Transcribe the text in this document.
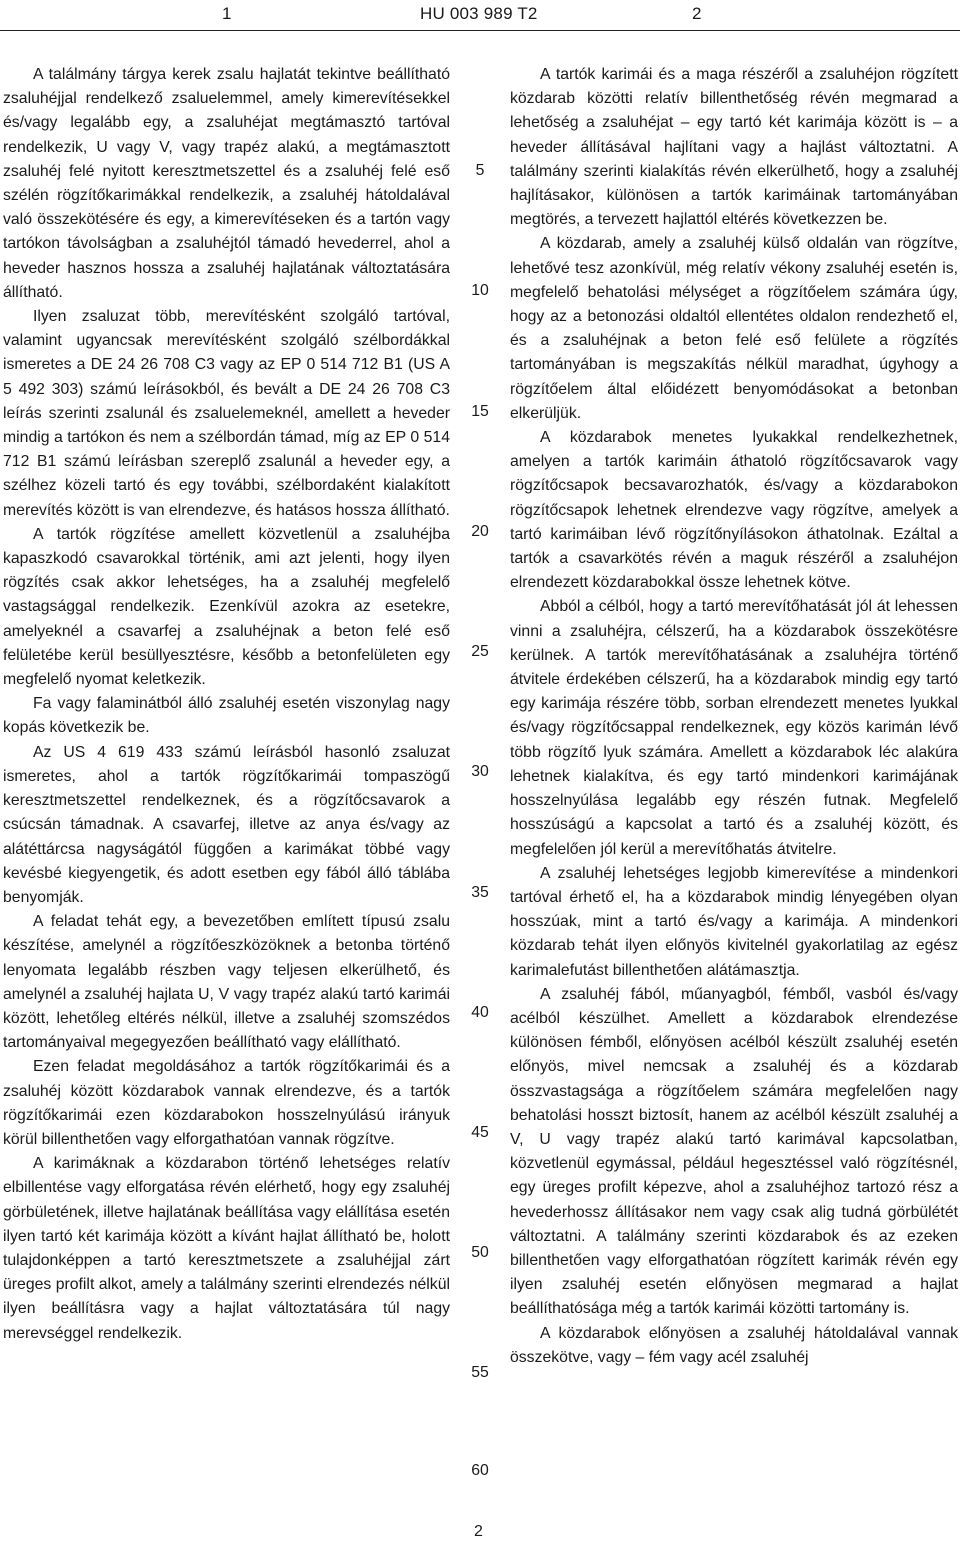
1	HU 003 989 T2	2

A találmány tárgya kerek zsalu hajlatát tekintve beállítható zsaluhéjjal rendelkező zsaluelemmel, amely kimerevítésekkel és/vagy legalább egy, a zsaluhéjat megtámasztó tartóval rendelkezik, U vagy V, vagy trapéz alakú, a megtámasztott zsaluhéj felé nyitott keresztmetszettel és a zsaluhéj felé eső szélén rögzítőkarimákkal rendelkezik, a zsaluhéj hátoldalával való összekötésére és egy, a kimerevítéseken és a tartón vagy tartókon távolságban a zsaluhéjtól támadó hevederrel, ahol a heveder hasznos hossza a zsaluhéj hajlatának változtatására állítható.

Ilyen zsaluzat több, merevítésként szolgáló tartóval, valamint ugyancsak merevítésként szolgáló szélbordákkal ismeretes a DE 24 26 708 C3 vagy az EP 0 514 712 B1 (US A 5 492 303) számú leírásokból, és bevált a DE 24 26 708 C3 leírás szerinti zsalunál és zsaluelemeknél, amellett a heveder mindig a tartókon és nem a szélbordán támad, míg az EP 0 514 712 B1 számú leírásban szereplő zsalunál a heveder egy, a szélhez közeli tartó és egy további, szélbordaként kialakított merevítés között is van elrendezve, és hatásos hossza állítható.

A tartók rögzítése amellett közvetlenül a zsaluhéjba kapaszkodó csavarokkal történik, ami azt jelenti, hogy ilyen rögzítés csak akkor lehetséges, ha a zsaluhéj megfelelő vastagsággal rendelkezik. Ezenkívül azokra az esetekre, amelyeknél a csavarfej a zsaluhéjnak a beton felé eső felületébe kerül besüllyesztésre, később a betonfelületen egy megfelelő nyomat keletkezik.

Fa vagy falaminátból álló zsaluhéj esetén viszonylag nagy kopás következik be.

Az US 4 619 433 számú leírásból hasonló zsaluzat ismeretes, ahol a tartók rögzítőkarimái tompaszögű keresztmetszettel rendelkeznek, és a rögzítőcsavarok a csúcsán támadnak. A csavarfej, illetve az anya és/vagy az alátéttárcsa nagyságától függően a karimákat többé vagy kevésbé kiegyengetik, és adott esetben egy fából álló táblába benyomják.

A feladat tehát egy, a bevezetőben említett típusú zsalu készítése, amelynél a rögzítőeszközöknek a betonba történő lenyomata legalább részben vagy teljesen elkerülhető, és amelynél a zsaluhéj hajlata U, V vagy trapéz alakú tartó karimái között, lehetőleg eltérés nélkül, illetve a zsaluhéj szomszédos tartományaival megegyezően beállítható vagy elállítható.

Ezen feladat megoldásához a tartók rögzítőkarimái és a zsaluhéj között közdarabok vannak elrendezve, és a tartók rögzítőkarimái ezen közdarabokon hosszelnyúlású irányuk körül billenthetően vagy elforgathatóan vannak rögzítve.

A karimáknak a közdarabon történő lehetséges relatív elbillentése vagy elforgatása révén elérhető, hogy egy zsaluhéj görbületének, illetve hajlatának beállítása vagy elállítása esetén ilyen tartó két karimája között a kívánt hajlat állítható be, holott tulajdonképpen a tartó keresztmetszete a zsaluhéjjal zárt üreges profilt alkot, amely a találmány szerinti elrendezés nélkül ilyen beállításra vagy a hajlat változtatására túl nagy merevséggel rendelkezik.

A tartók karimái és a maga részéről a zsaluhéjon rögzített közdarab közötti relatív billenthetőség révén megmarad a lehetőség a zsaluhéjat – egy tartó két karimája között is – a heveder állításával hajlítani vagy a hajlást változtatni. A találmány szerinti kialakítás révén elkerülhető, hogy a zsaluhéj hajlításakor, különösen a tartók karimáinak tartományában megtörés, a tervezett hajlattól eltérés következzen be.

A közdarab, amely a zsaluhéj külső oldalán van rögzítve, lehetővé tesz azonkívül, még relatív vékony zsaluhéj esetén is, megfelelő behatolási mélységet a rögzítőelem számára úgy, hogy az a betonozási oldaltól ellentétes oldalon rendezhető el, és a zsaluhéjnak a beton felé eső felülete a rögzítés tartományában is megszakítás nélkül maradhat, úgyhogy a rögzítőelem által előidézett benyomódásokat a betonban elkerüljük.

A közdarabok menetes lyukakkal rendelkezhetnek, amelyen a tartók karimáin áthatoló rögzítőcsavarok vagy rögzítőcsapok becsavarozhatók, és/vagy a közdarabokon rögzítőcsapok lehetnek elrendezve vagy rögzítve, amelyek a tartó karimáiban lévő rögzítőnyílásokon áthatolnak. Ezáltal a tartók a csavarkötés révén a maguk részéről a zsaluhéjon elrendezett közdarabokkal össze lehetnek kötve.

Abból a célból, hogy a tartó merevítőhatását jól át lehessen vinni a zsaluhéjra, célszerű, ha a közdarabok összekötésre kerülnek. A tartók merevítőhatásának a zsaluhéjra történő átvitele érdekében célszerű, ha a közdarabok mindig egy tartó egy karimája részére több, sorban elrendezett menetes lyukkal és/vagy rögzítőcsappal rendelkeznek, egy közös karimán lévő több rögzítő lyuk számára. Amellett a közdarabok léc alakúra lehetnek kialakítva, és egy tartó mindenkori karimájának hosszelnyúlása legalább egy részén futnak. Megfelelő hosszúságú a kapcsolat a tartó és a zsaluhéj között, és megfelelően jól kerül a merevítőhatás átvitelre.

A zsaluhéj lehetséges legjobb kimerevítése a mindenkori tartóval érhető el, ha a közdarabok mindig lényegében olyan hosszúak, mint a tartó és/vagy a karimája. A mindenkori közdarab tehát ilyen előnyös kivitelnél gyakorlatilag az egész karimalefutást billenthetően alátámasztja.

A zsaluhéj fából, műanyagból, fémből, vasból és/vagy acélból készülhet. Amellett a közdarabok elrendezése különösen fémből, előnyösen acélból készült zsaluhéj esetén előnyös, mivel nemcsak a zsaluhéj és a közdarab összvastagsága a rögzítőelem számára megfelelően nagy behatolási hosszt biztosít, hanem az acélból készült zsaluhéj a V, U vagy trapéz alakú tartó karimával kapcsolatban, közvetlenül egymással, például hegesztéssel való rögzítésnél, egy üreges profilt képezve, ahol a zsaluhéjhoz tartozó rész a hevederhossz állításakor nem vagy csak alig tudná görbülétét változtatni. A találmány szerinti közdarabok és az ezeken billenthetően vagy elforgathatóan rögzített karimák révén egy ilyen zsaluhéj esetén előnyösen megmarad a hajlat beállíthatósága még a tartók karimái közötti tartomány is.

A közdarabok előnyösen a zsaluhéj hátoldalával vannak összekötve, vagy – fém vagy acél zsaluhéj

5
10
15
20
25
30
35
40
45
50
55
60
2
